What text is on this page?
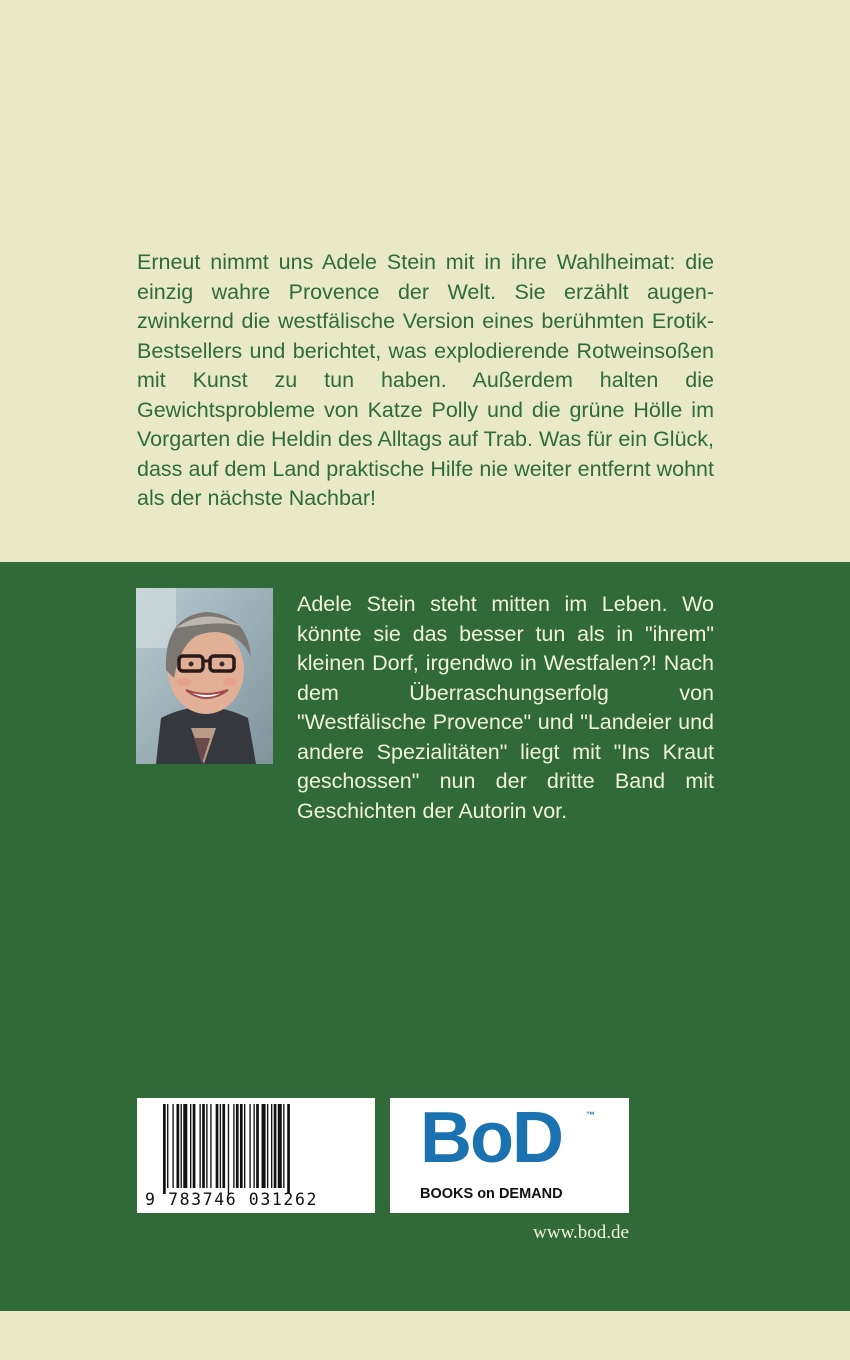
Erneut nimmt uns Adele Stein mit in ihre Wahlheimat: die einzig wahre Provence der Welt. Sie erzählt augen-zwinkernd die westfälische Version eines berühmten Erotik-Bestsellers und berichtet, was explodierende Rotweinsoßen mit Kunst zu tun haben. Außerdem halten die Gewichtsprobleme von Katze Polly und die grüne Hölle im Vorgarten die Heldin des Alltags auf Trab. Was für ein Glück, dass auf dem Land praktische Hilfe nie weiter entfernt wohnt als der nächste Nachbar!

Adele Stein steht mitten im Leben. Wo könnte sie das besser tun als in "ihrem" kleinen Dorf, irgendwo in Westfalen?! Nach dem Überraschungserfolg von "Westfälische Provence" und "Landeier und andere Spezialitäten" liegt mit "Ins Kraut geschossen" nun der dritte Band mit Geschichten der Autorin vor.

9 783746 031262
BoD	™
BOOKS on DEMAND
www.bod.de
